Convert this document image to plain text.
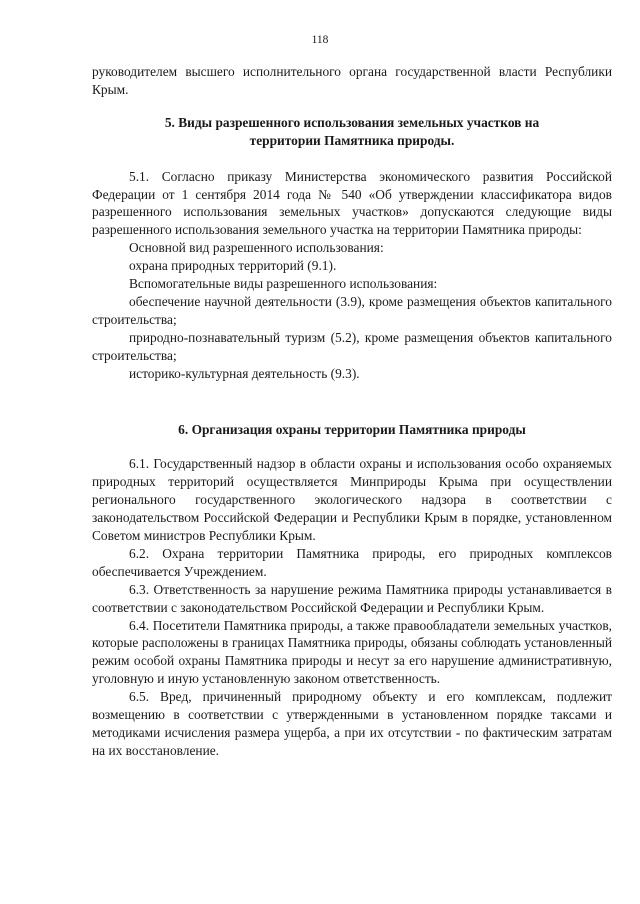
118

руководителем высшего исполнительного органа государственной власти Республики Крым.

5. Виды разрешенного использования земельных участков на
территории Памятника природы.

5.1. Согласно приказу Министерства экономического развития Российской Федерации от 1 сентября 2014 года № 540 «Об утверждении классификатора видов разрешенного использования земельных участков» допускаются следующие виды разрешенного использования земельного участка на территории Памятника природы:

Основной вид разрешенного использования:

охрана природных территорий (9.1).

Вспомогательные виды разрешенного использования:

обеспечение научной деятельности (3.9), кроме размещения объектов капитального строительства;

природно-познавательный туризм (5.2), кроме размещения объектов капитального строительства;

историко-культурная деятельность (9.3).

6. Организация охраны территории Памятника природы

6.1. Государственный надзор в области охраны и использования особо охраняемых природных территорий осуществляется Минприроды Крыма при осуществлении регионального государственного экологического надзора в соответствии с законодательством Российской Федерации и Республики Крым в порядке, установленном Советом министров Республики Крым.

6.2. Охрана территории Памятника природы, его природных комплексов обеспечивается Учреждением.

6.3. Ответственность за нарушение режима Памятника природы устанавливается в соответствии с законодательством Российской Федерации и Республики Крым.

6.4. Посетители Памятника природы, а также правообладатели земельных участков, которые расположены в границах Памятника природы, обязаны соблюдать установленный режим особой охраны Памятника природы и несут за его нарушение административную, уголовную и иную установленную законом ответственность.

6.5. Вред, причиненный природному объекту и его комплексам, подлежит возмещению в соответствии с утвержденными в установленном порядке таксами и методиками исчисления размера ущерба, а при их отсутствии - по фактическим затратам на их восстановление.
